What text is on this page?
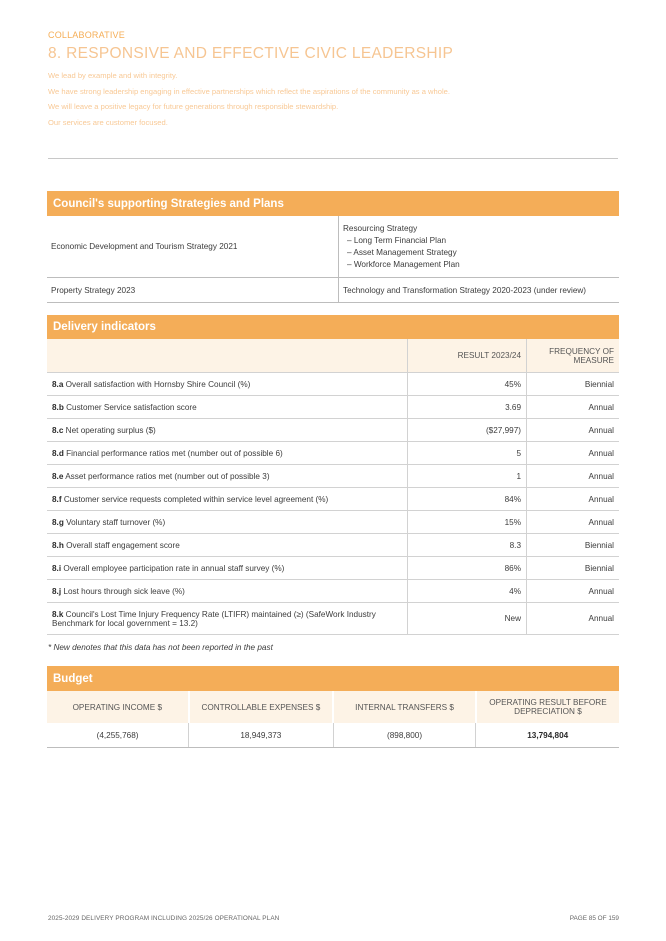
COLLABORATIVE
8. RESPONSIVE AND EFFECTIVE CIVIC LEADERSHIP
We lead by example and with integrity.
We have strong leadership engaging in effective partnerships which reflect the aspirations of the community as a whole.
We will leave a positive legacy for future generations through responsible stewardship.
Our services are customer focused.
Council's supporting Strategies and Plans
Economic Development and Tourism Strategy 2021	Resourcing Strategy
– Long Term Financial Plan
– Asset Management Strategy
– Workforce Management Plan

Property Strategy 2023	Technology and Transformation Strategy 2020-2023 (under review)
Delivery indicators
	RESULT 2023/24	FREQUENCY OF
MEASURE

8.a Overall satisfaction with Hornsby Shire Council (%)	45%	Biennial
8.b Customer Service satisfaction score	3.69	Annual
8.c Net operating surplus ($)	($27,997)	Annual
8.d Financial performance ratios met (number out of possible 6)	5	Annual
8.e Asset performance ratios met (number out of possible 3)	1	Annual
8.f Customer service requests completed within service level agreement (%)	84%	Annual
8.g Voluntary staff turnover (%)	15%	Annual
8.h Overall staff engagement score	8.3	Biennial
8.i Overall employee participation rate in annual staff survey (%)	86%	Biennial
8.j Lost hours through sick leave (%)	4%	Annual
8.k Council's Lost Time Injury Frequency Rate (LTIFR) maintained (≥) (SafeWork Industry Benchmark for local government = 13.2)	New	Annual
* New denotes that this data has not been reported in the past
Budget
OPERATING INCOME $	CONTROLLABLE EXPENSES $	INTERNAL TRANSFERS $	OPERATING RESULT BEFORE DEPRECIATION $
(4,255,768)	18,949,373	(898,800)	13,794,804
2025-2029 DELIVERY PROGRAM INCLUDING 2025/26 OPERATIONAL PLAN	PAGE 85 OF 159
